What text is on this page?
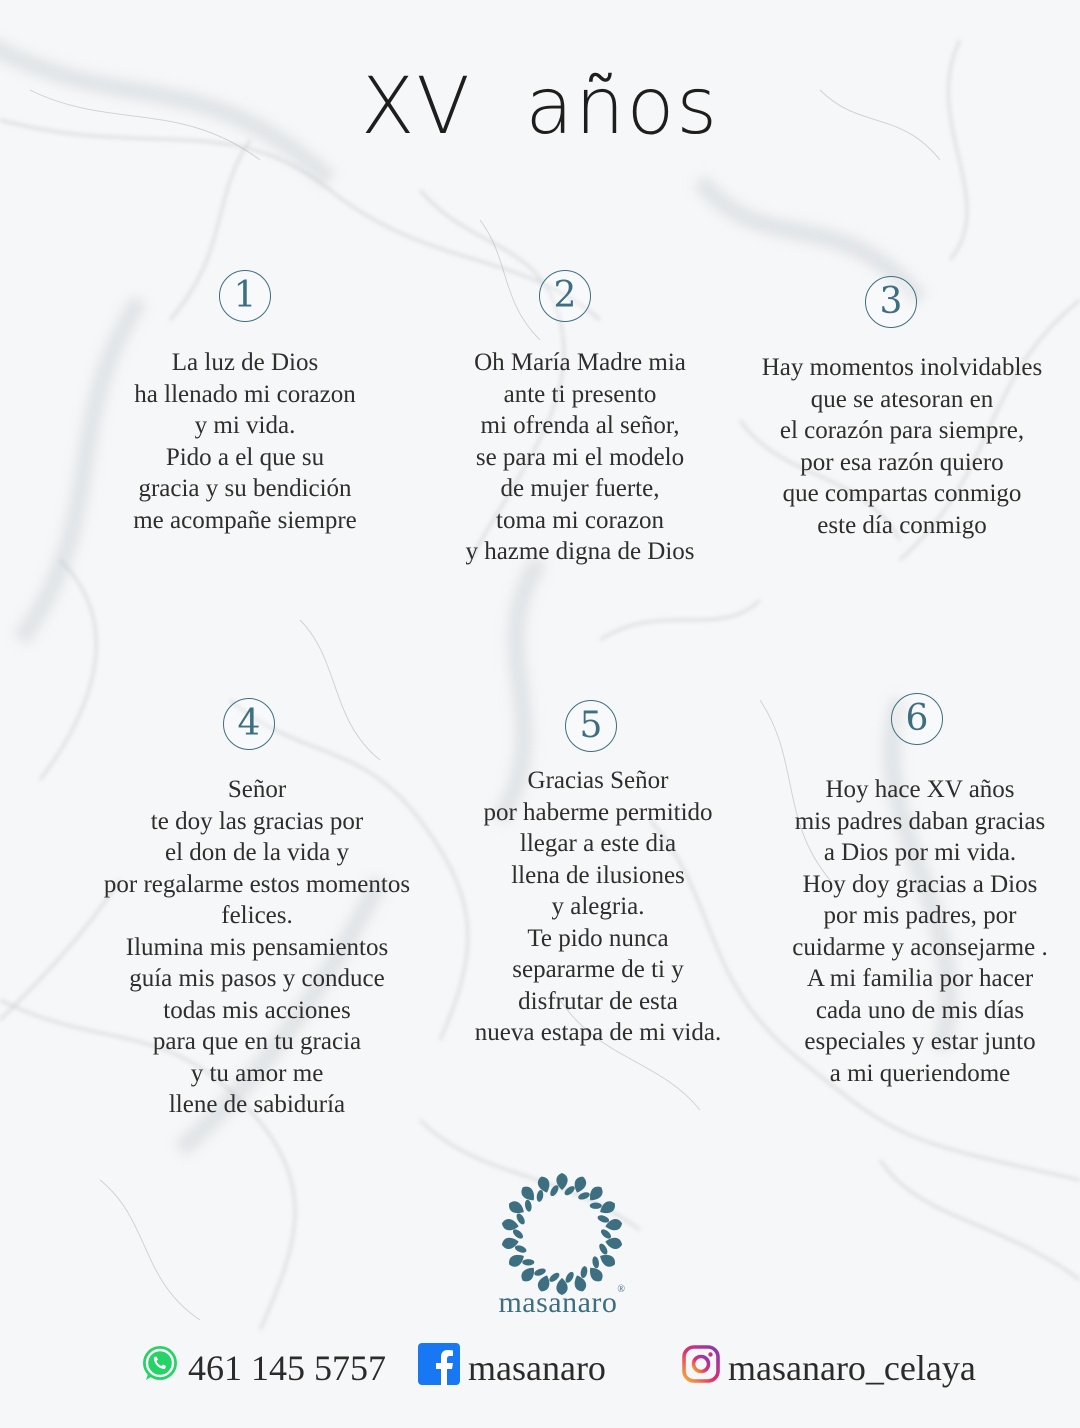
XV  años
1
La luz de Dios
ha llenado mi corazon
y mi vida.
Pido a el que su
gracia y su bendición
me acompañe siempre
2
Oh María Madre mia
ante ti presento
mi ofrenda al señor,
se para mi el modelo
de mujer fuerte,
toma mi corazon
y hazme digna de Dios
3
Hay momentos inolvidables
que se atesoran en
el corazón para siempre,
por esa razón quiero
que compartas conmigo
este día conmigo
4
Señor
te doy las gracias por
el don de la vida y
por regalarme estos momentos
felices.
Ilumina mis pensamientos
guía mis pasos y conduce
todas mis acciones
para que en tu gracia
y tu amor me
llene de sabiduría
5
Gracias Señor
por haberme permitido
llegar a este dia
llena de ilusiones
y alegria.
Te pido nunca
separarme de ti y
disfrutar de esta
nueva estapa de mi vida.
6
Hoy hace XV años
mis padres daban gracias
a Dios por mi vida.
Hoy doy gracias a Dios
por mis padres, por
cuidarme y aconsejarme .
A mi familia por hacer
cada uno de mis días
especiales y estar junto
a mi queriendome
masanaro®
461 145 5757 masanaro	masanaro_celaya
